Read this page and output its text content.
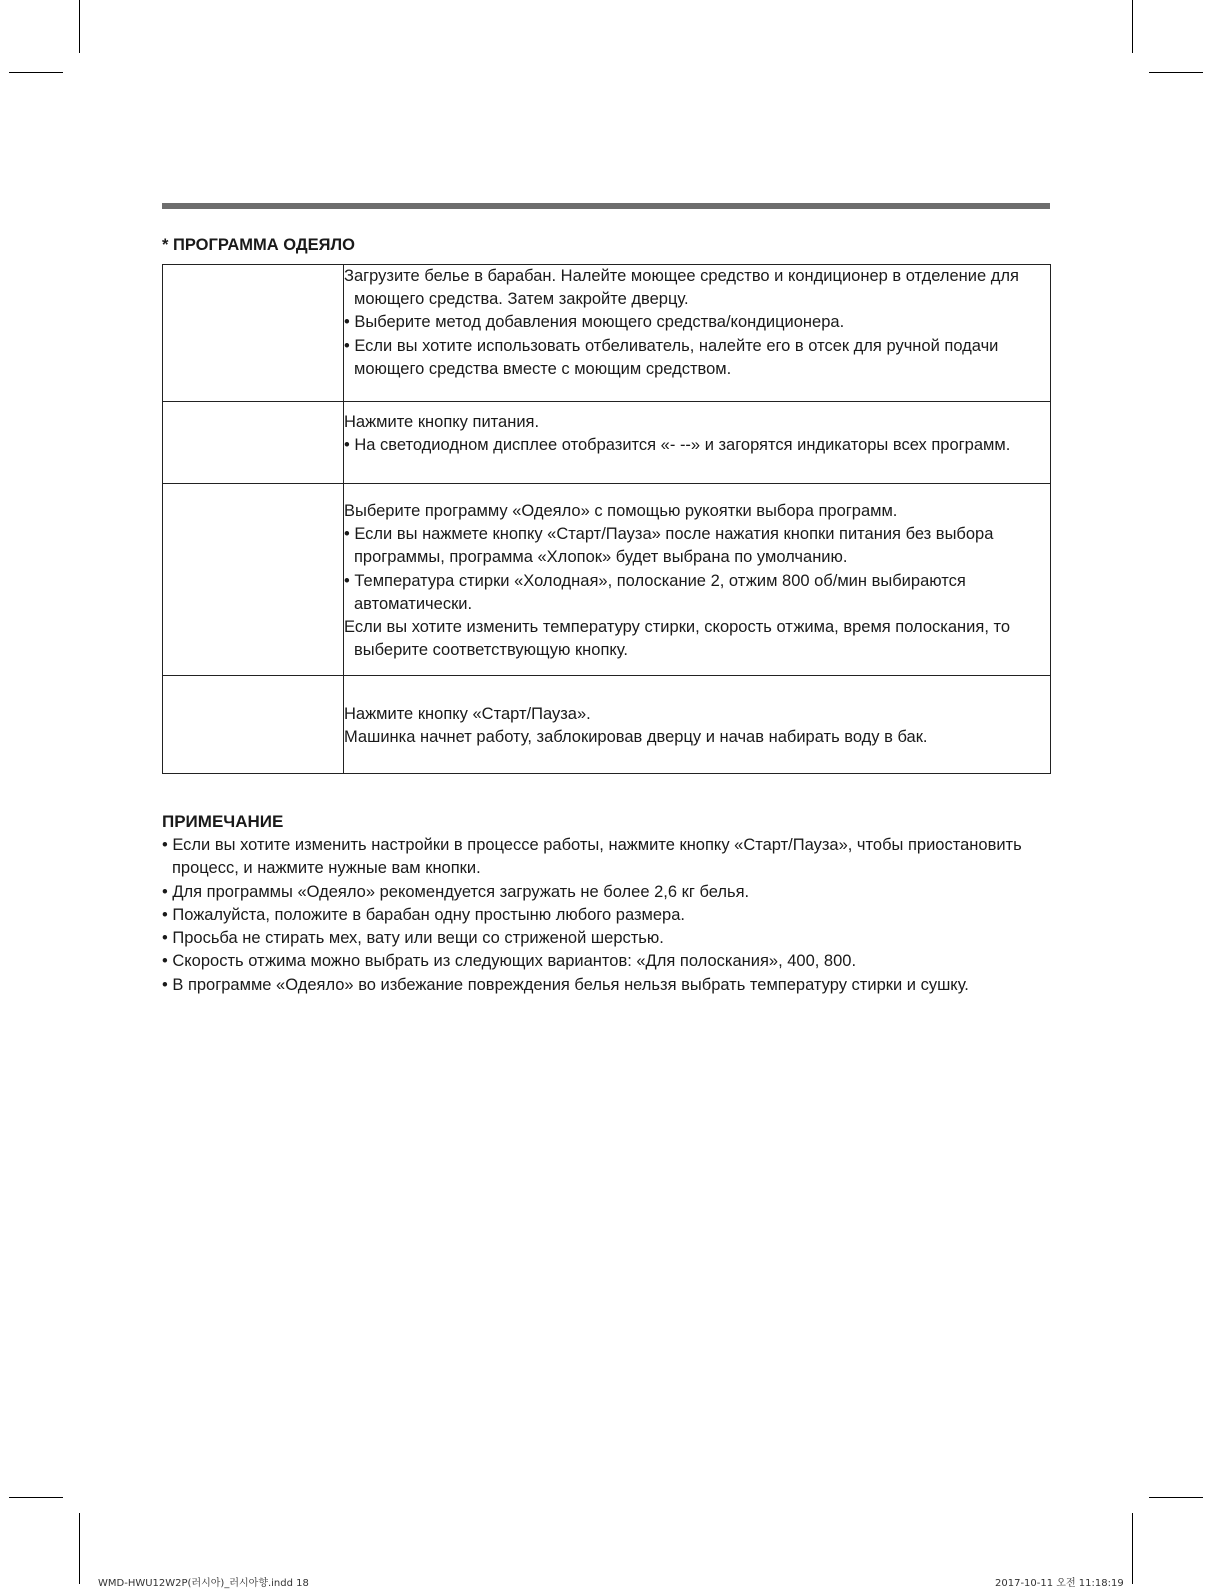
* ПРОГРАММА ОДЕЯЛО

	Загрузите белье в барабан. Налейте моющее средство и кондиционер в отделение для моющего средства. Затем закройте дверцу.

• Выберите метод добавления моющего средства/кондиционера.

• Если вы хотите использовать отбеливатель, налейте его в отсек для ручной подачи моющего средства вместе с моющим средством.

	Нажмите кнопку питания.

• На светодиодном дисплее отобразится «- --» и загорятся индикаторы всех программ.

	Выберите программу «Одеяло» с помощью рукоятки выбора программ.

• Если вы нажмете кнопку «Старт/Пауза» после нажатия кнопки питания без выбора программы, программа «Хлопок» будет выбрана по умолчанию.

• Температура стирки «Холодная», полоскание 2, отжим 800 об/мин выбираются автоматически.

Если вы хотите изменить температуру стирки, скорость отжима, время полоскания, то выберите соответствующую кнопку.

	Нажмите кнопку «Старт/Пауза».

Машинка начнет работу, заблокировав дверцу и начав набирать воду в бак.

ПРИМЕЧАНИЕ

• Если вы хотите изменить настройки в процессе работы, нажмите кнопку «Старт/Пауза», чтобы приостановить процесс, и нажмите нужные вам кнопки.

• Для программы «Одеяло» рекомендуется загружать не более 2,6 кг белья.

• Пожалуйста, положите в барабан одну простыню любого размера.

• Просьба не стирать мех, вату или вещи со стриженой шерстью.

• Скорость отжима можно выбрать из следующих вариантов: «Для полоскания», 400, 800.

• В программе «Одеяло» во избежание повреждения белья нельзя выбрать температуру стирки и сушку.

WMD-HWU12W2P(러시아)_러시아향.indd 18	2017-10-11 오전 11:18:19
